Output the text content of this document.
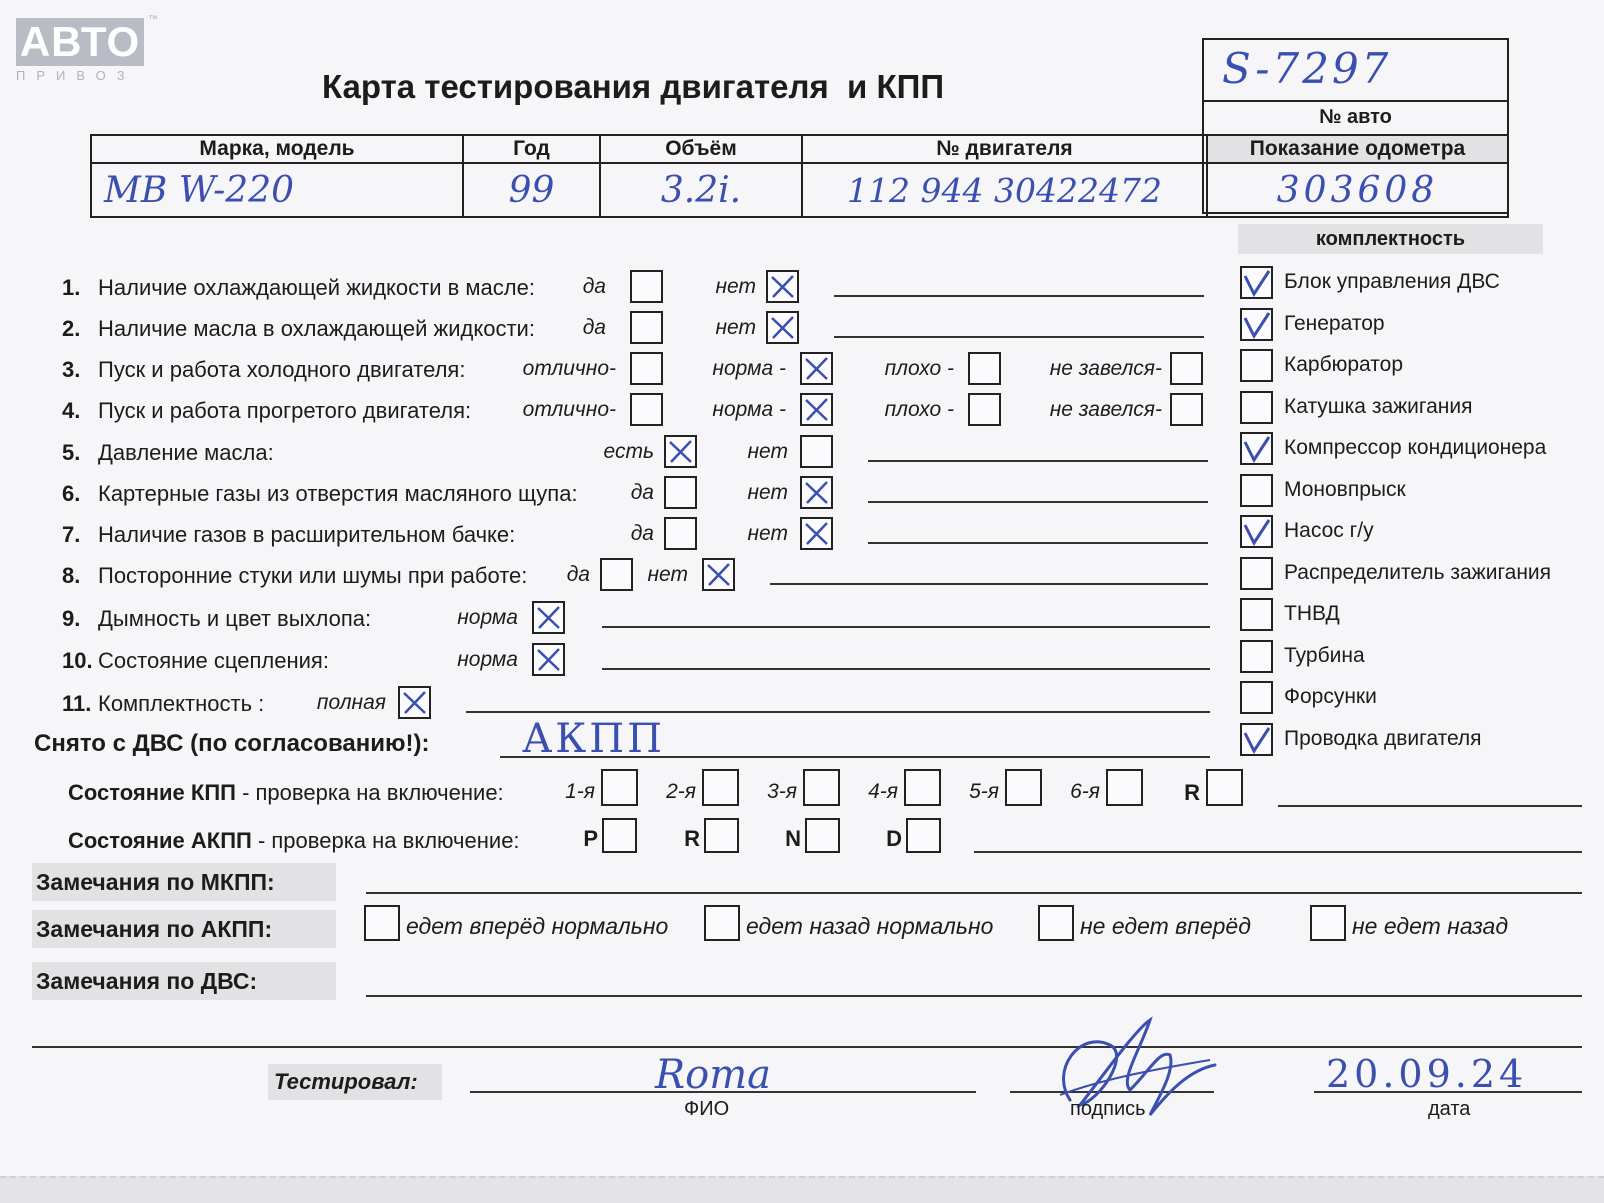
АВТО
ПРИВОЗ
™
Карта тестирования двигателя  и КПП	S-7297
№ авто
Марка, модель	Год	Объём	№ двигателя	Показание одометра
MB W-220	99	3.2i.	112 944 30422472	303608
комплектность
Блок управления ДВС
Генератор
Карбюратор
Катушка зажигания
Компрессор кондиционера
Моновпрыск
Насос г/у
Распределитель зажигания
ТНВД
Турбина
Форсунки
Проводка двигателя
1. Наличие охлаждающей жидкости в масле:	да	нет
2. Наличие масла в охлаждающей жидкости:	да	нет
3. Пуск и работа холодного двигателя:	отлично-	норма -	плохо -	не завелся-
4. Пуск и работа прогретого двигателя:	отлично-	норма -	плохо -	не завелся-
5. Давление масла:	есть	нет
6. Картерные газы из отверстия масляного щупа:	да	нет
7. Наличие газов в расширительном бачке:	да	нет
8. Посторонние стуки или шумы при работе:	да	нет
9. Дымность и цвет выхлопа:	норма
10. Состояние сцепления:	норма
11. Комплектность :	полная
Снято с ДВС (по согласованию!): АКПП
Состояние КПП - проверка на включение:	1-я	2-я	3-я	4-я	5-я	6-я	R
Состояние АКПП - проверка на включение:	P	R	N	D
Замечания по МКПП:
Замечания по АКПП:	едет вперёд нормально	едет назад нормально	не едет вперёд	не едет назад
Замечания по ДВС:
Тестировал:	Roma
ФИО	подпись
20.09.24
дата
